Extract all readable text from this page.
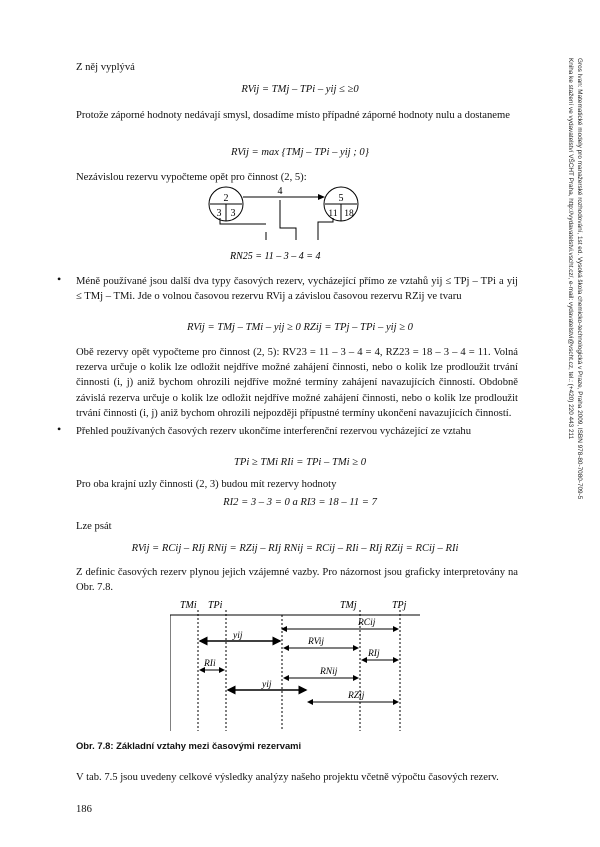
Gros Ivan: Matematické modely pro manažerské rozhodování, 1st ed. Vysoká škola chemicko-technologická v Praze, Praha 2009, ISBN 978-80-7080-709-5
Kniha ke stažení ve vydavatelství VŠCHT Praha, http://vydavatelstvi.vscht.cz/, e-mail: vydavatelstvi@vscht.cz, tel.: (+420) 220 443 211
Z něj vyplývá
RVij = TMj – TPi – yij ≤ ≥0
Protože záporné hodnoty nedávají smysl, dosadíme místo případné záporné hodnoty nulu a dostaneme
RVij = max {TMj – TPi – yij ; 0}
Nezávislou rezervu vypočteme opět pro činnost (2, 5):
2
3 3
4
5
11 18
RN25 = 11 – 3 – 4 = 4
• Méně používané jsou další dva typy časových rezerv, vycházející přímo ze vztahů yij ≤ TPj – TPi a yij ≤ TMj – TMi. Jde o volnou časovou rezervu RVij a závislou časovou rezervu RZij ve tvaru
RVij = TMj – TMi – yij ≥ 0 RZij = TPj – TPi – yij ≥ 0
Obě rezervy opět vypočteme pro činnost (2, 5): RV23 = 11 – 3 – 4 = 4, RZ23 = 18 – 3 – 4 = 11. Volná rezerva určuje o kolik lze odložit nejdříve možné zahájení činnosti, nebo o kolik lze prodloužit trvání činnosti (i, j) aniž bychom ohrozili nejdříve možné termíny zahájení navazujících činností. Obdobně závislá rezerva určuje o kolik lze odložit nejdříve možné zahájení činnosti, nebo o kolik lze prodloužit trvání činnosti (i, j) aniž bychom ohrozili nejpozději přípustné termíny ukončení navazujících činností.
• Přehled používaných časových rezerv ukončíme interferenční rezervou vycházející ze vztahu
TPi ≥ TMi RIi = TPi – TMi ≥ 0
Pro oba krajní uzly činnosti (2, 3) budou mít rezervy hodnoty
RI2 = 3 – 3 = 0 a RI3 = 18 – 11 = 7
Lze psát
RVij = RCij – RIj RNij = RZij – RIj RNij = RCij – RIi – RIj RZij = RCij – RIi
Z definic časových rezerv plynou jejich vzájemné vazby. Pro názornost jsou graficky interpretovány na Obr. 7.8.
TMi TPi	TMj	TPj
RCij
yij
RVij
RIj
RIi
RNij
yij
RZij
Obr. 7.8: Základní vztahy mezi časovými rezervami
V tab. 7.5 jsou uvedeny celkové výsledky analýzy našeho projektu včetně výpočtu časových rezerv.
186
